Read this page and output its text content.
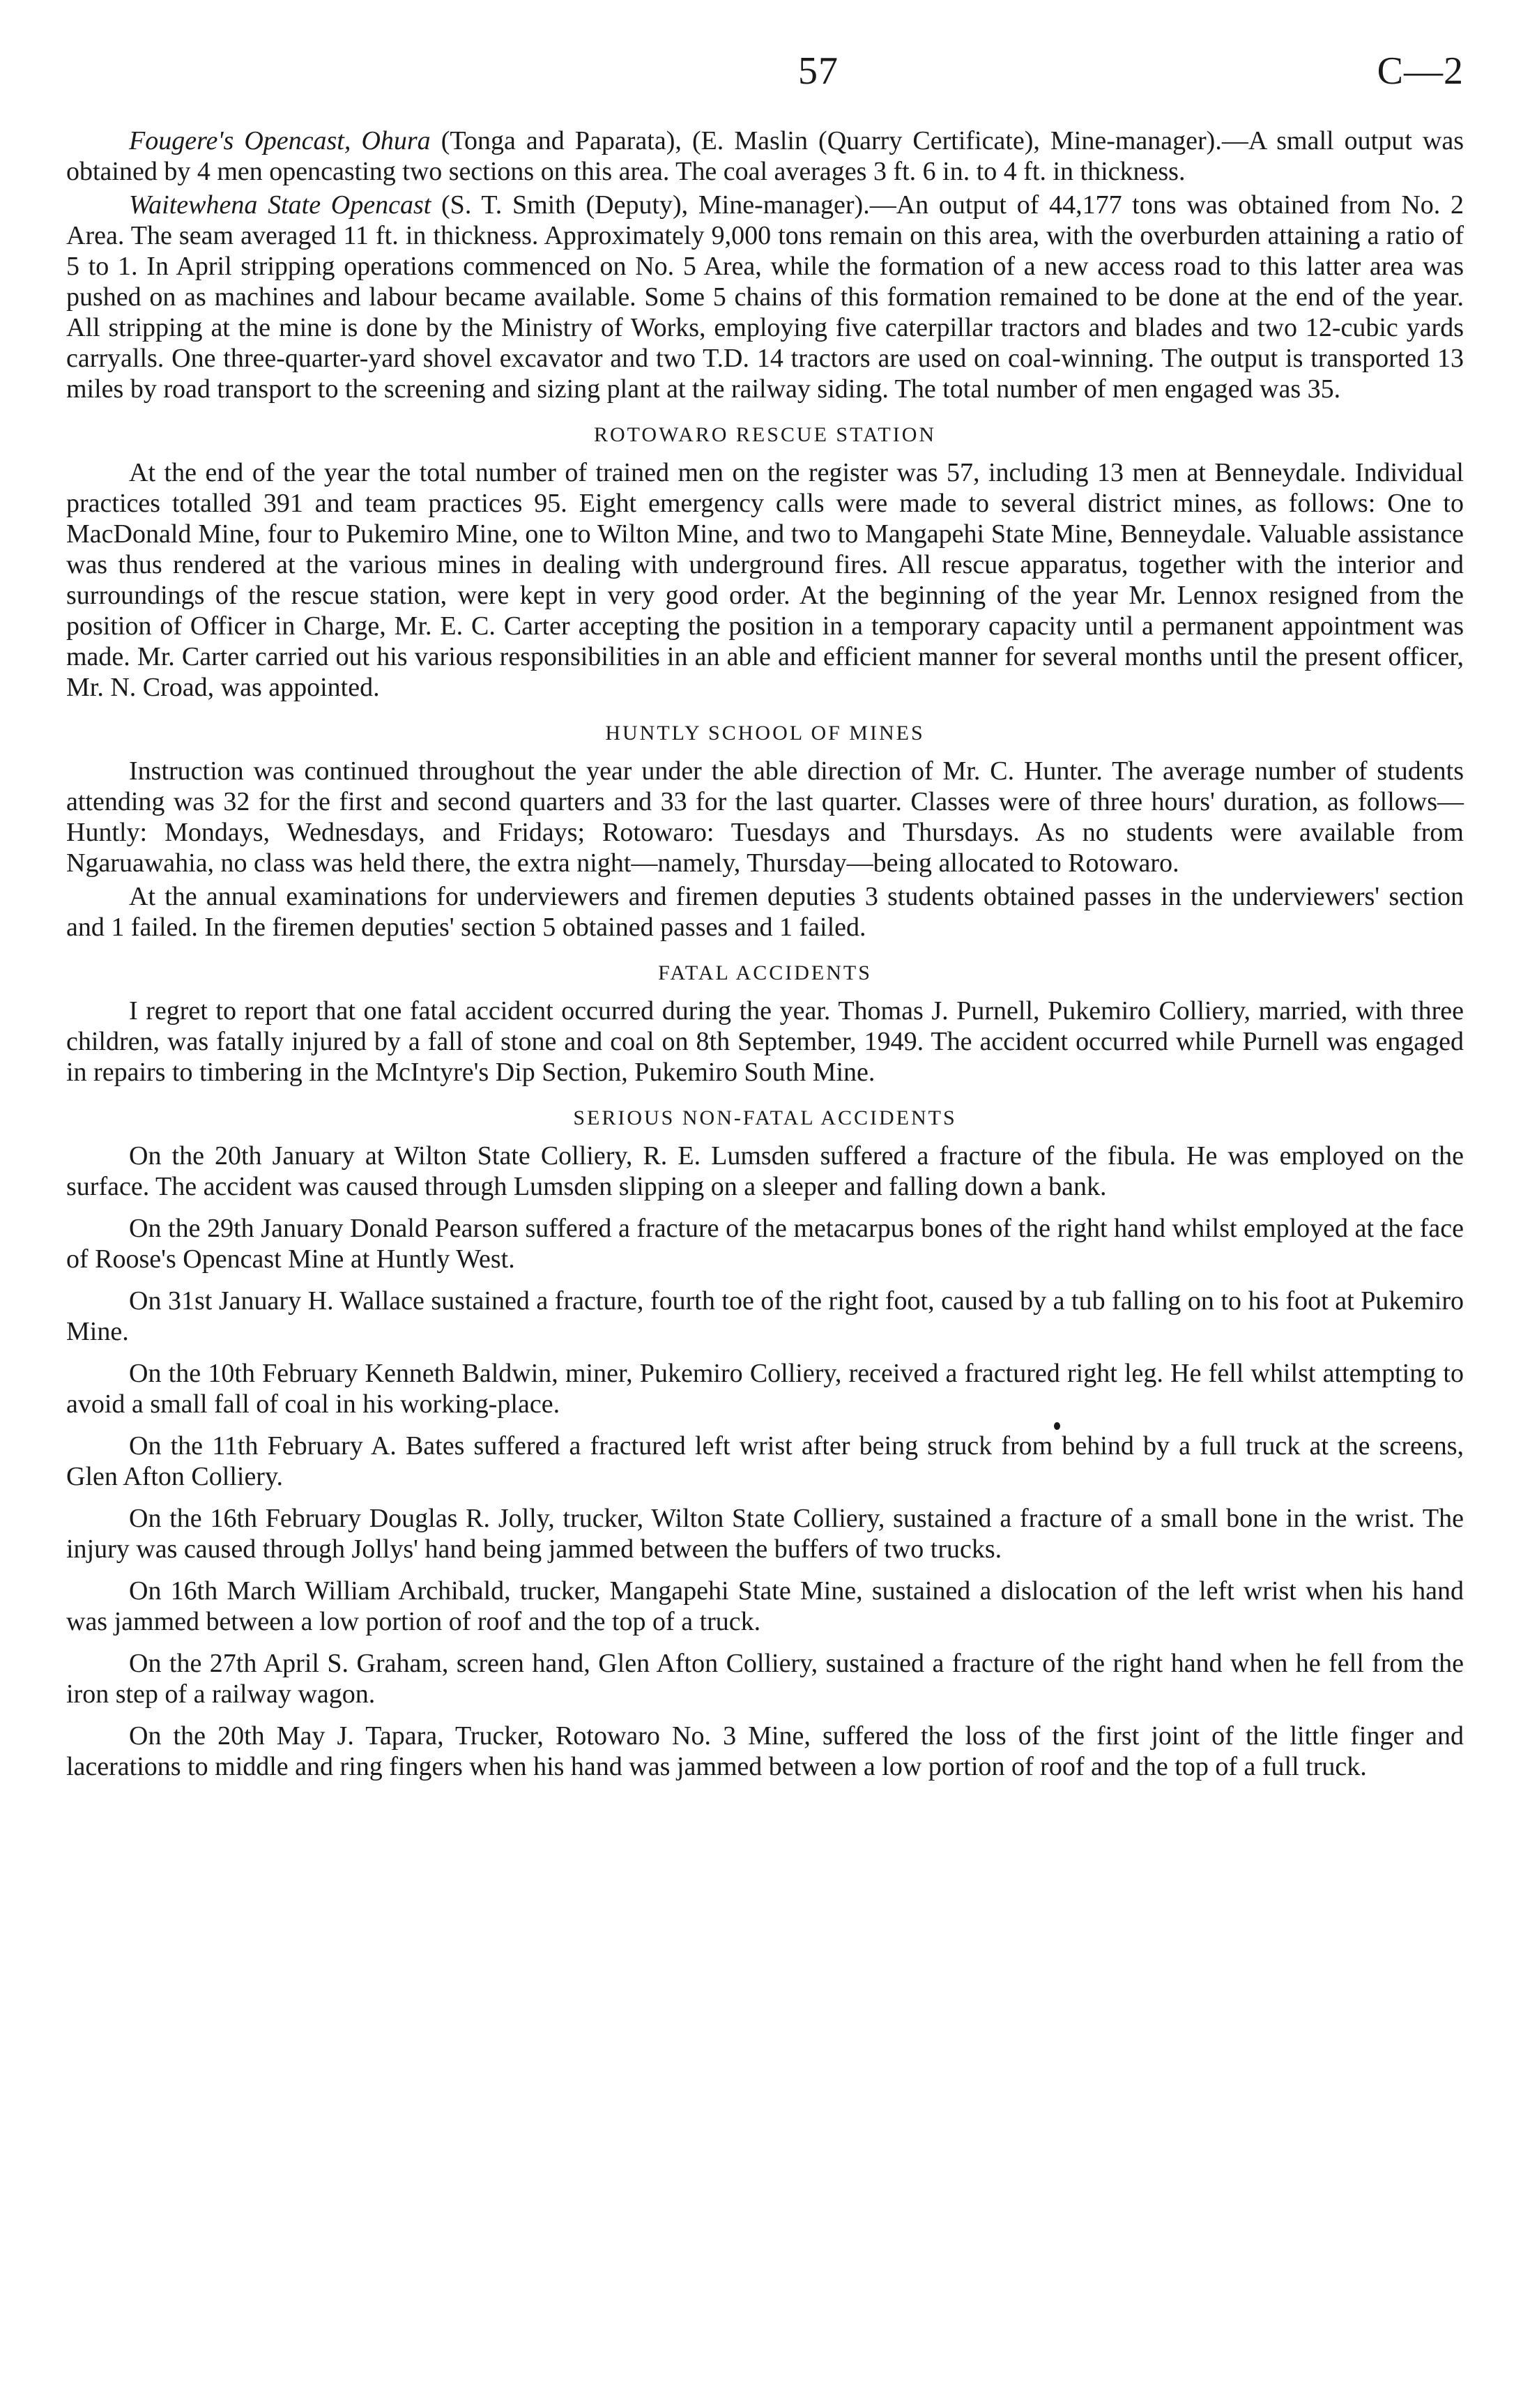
57	C—2

Fougere's Opencast, Ohura (Tonga and Paparata), (E. Maslin (Quarry Certificate), Mine-manager).—A small output was obtained by 4 men opencasting two sections on this area. The coal averages 3 ft. 6 in. to 4 ft. in thickness.

Waitewhena State Opencast (S. T. Smith (Deputy), Mine-manager).—An output of 44,177 tons was obtained from No. 2 Area. The seam averaged 11 ft. in thickness. Approximately 9,000 tons remain on this area, with the overburden attaining a ratio of 5 to 1. In April stripping operations commenced on No. 5 Area, while the formation of a new access road to this latter area was pushed on as machines and labour became available. Some 5 chains of this formation remained to be done at the end of the year. All stripping at the mine is done by the Ministry of Works, employing five caterpillar tractors and blades and two 12-cubic yards carryalls. One three-quarter-yard shovel excavator and two T.D. 14 tractors are used on coal-winning. The output is transported 13 miles by road transport to the screening and sizing plant at the railway siding. The total number of men engaged was 35.

ROTOWARO RESCUE STATION

At the end of the year the total number of trained men on the register was 57, including 13 men at Benneydale. Individual practices totalled 391 and team practices 95. Eight emergency calls were made to several district mines, as follows: One to MacDonald Mine, four to Pukemiro Mine, one to Wilton Mine, and two to Mangapehi State Mine, Benneydale. Valuable assistance was thus rendered at the various mines in dealing with underground fires. All rescue apparatus, together with the interior and surroundings of the rescue station, were kept in very good order. At the beginning of the year Mr. Lennox resigned from the position of Officer in Charge, Mr. E. C. Carter accepting the position in a temporary capacity until a permanent appointment was made. Mr. Carter carried out his various responsibilities in an able and efficient manner for several months until the present officer, Mr. N. Croad, was appointed.

HUNTLY SCHOOL OF MINES

Instruction was continued throughout the year under the able direction of Mr. C. Hunter. The average number of students attending was 32 for the first and second quarters and 33 for the last quarter. Classes were of three hours' duration, as follows—Huntly: Mondays, Wednesdays, and Fridays; Rotowaro: Tuesdays and Thursdays. As no students were available from Ngaruawahia, no class was held there, the extra night—namely, Thursday—being allocated to Rotowaro.

At the annual examinations for underviewers and firemen deputies 3 students obtained passes in the underviewers' section and 1 failed. In the firemen deputies' section 5 obtained passes and 1 failed.

FATAL ACCIDENTS

I regret to report that one fatal accident occurred during the year. Thomas J. Purnell, Pukemiro Colliery, married, with three children, was fatally injured by a fall of stone and coal on 8th September, 1949. The accident occurred while Purnell was engaged in repairs to timbering in the McIntyre's Dip Section, Pukemiro South Mine.

SERIOUS NON-FATAL ACCIDENTS

On the 20th January at Wilton State Colliery, R. E. Lumsden suffered a fracture of the fibula. He was employed on the surface. The accident was caused through Lumsden slipping on a sleeper and falling down a bank.

On the 29th January Donald Pearson suffered a fracture of the metacarpus bones of the right hand whilst employed at the face of Roose's Opencast Mine at Huntly West.

On 31st January H. Wallace sustained a fracture, fourth toe of the right foot, caused by a tub falling on to his foot at Pukemiro Mine.

On the 10th February Kenneth Baldwin, miner, Pukemiro Colliery, received a fractured right leg. He fell whilst attempting to avoid a small fall of coal in his working-place.

On the 11th February A. Bates suffered a fractured left wrist after being struck from behind by a full truck at the screens, Glen Afton Colliery.

On the 16th February Douglas R. Jolly, trucker, Wilton State Colliery, sustained a fracture of a small bone in the wrist. The injury was caused through Jollys' hand being jammed between the buffers of two trucks.

On 16th March William Archibald, trucker, Mangapehi State Mine, sustained a dislocation of the left wrist when his hand was jammed between a low portion of roof and the top of a truck.

On the 27th April S. Graham, screen hand, Glen Afton Colliery, sustained a fracture of the right hand when he fell from the iron step of a railway wagon.

On the 20th May J. Tapara, Trucker, Rotowaro No. 3 Mine, suffered the loss of the first joint of the little finger and lacerations to middle and ring fingers when his hand was jammed between a low portion of roof and the top of a full truck.
